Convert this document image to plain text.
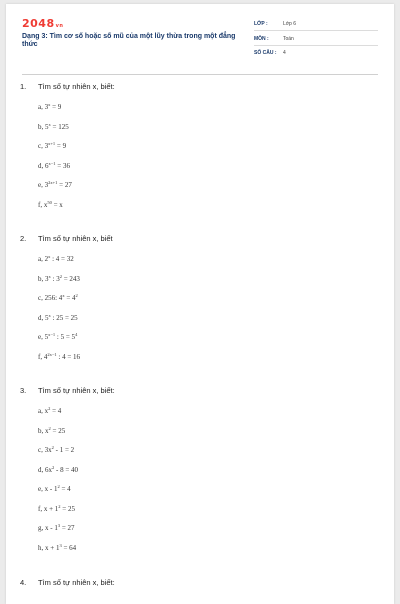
2048vn
Dạng 3: Tìm cơ số hoặc số mũ của một lũy thừa trong một đẳng thức
LỚP :	Lớp 6
MÔN :	Toán
SỐ CÂU : 4
1. Tìm số tự nhiên x, biết:
a, $3^x = 9$
b, $5^x = 125$
c, $3^{x+1} = 9$
d, $6^{x-1} = 36$
e, $3^{2x+1} = 27$
f, $x^{50} = x$
2. Tìm số tự nhiên x, biết
a, 2$^x$ : 4 = 32
b, 3$^x$ : $3^2 = 243$
c, 256: $4^x = 4^2$
d, 5$^x$ : 25 = 25
e, $5^{x-1}$ : $5 = 5^4$
f, $4^{2x-1}$ : 4 = 16
3. Tìm số tự nhiên x, biết:
a, $x^2 = 4$
b, $x^2 = 25$
c, $3x^2 - 1 = 2$
d, $6x^2 - 8 = 40$
e, $x - 1^2 = 4$
f, $x + 1^2 = 25$
g, $x - 1^3 = 27$
h, $x + 1^3 = 64$
4. Tìm số tự nhiên x, biết:
